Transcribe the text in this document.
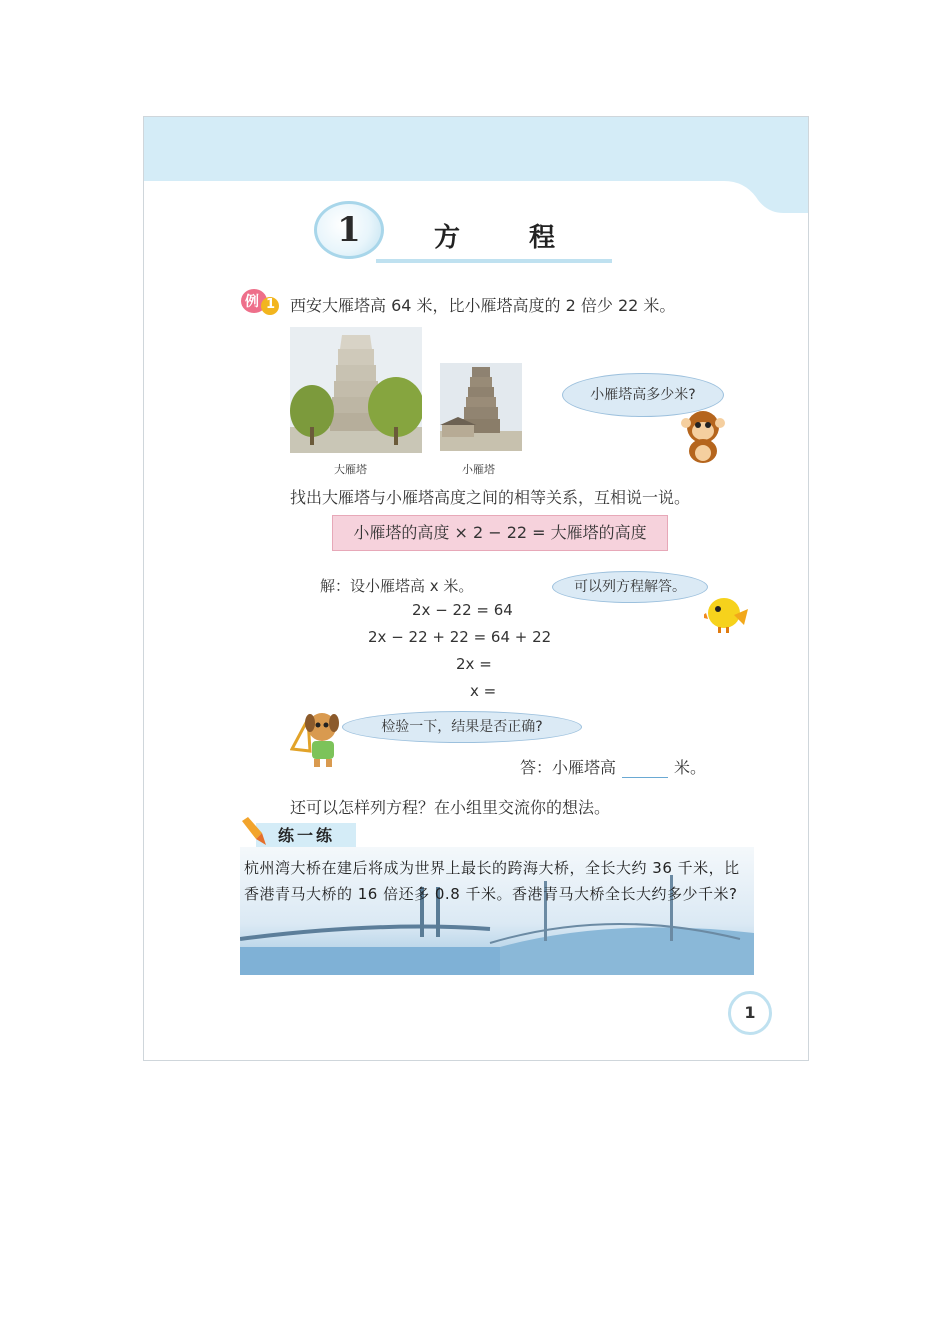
1	方 程
例 1 西安大雁塔高 64 米，比小雁塔高度的 2 倍少 22 米。
大雁塔	小雁塔
小雁塔高多少米?
找出大雁塔与小雁塔高度之间的相等关系，互相说一说。
小雁塔的高度 × 2 − 22 = 大雁塔的高度
解：设小雁塔高 x 米。
2x − 22 = 64
2x − 22 + 22 = 64 + 22
2x =
x =
可以列方程解答。
检验一下，结果是否正确?
答：小雁塔高	米。
还可以怎样列方程？在小组里交流你的想法。
练一练
杭州湾大桥在建后将成为世界上最长的跨海大桥，全长大约 36 千米，比香港青马大桥的 16 倍还多 0.8 千米。香港青马大桥全长大约多少千米?
1
